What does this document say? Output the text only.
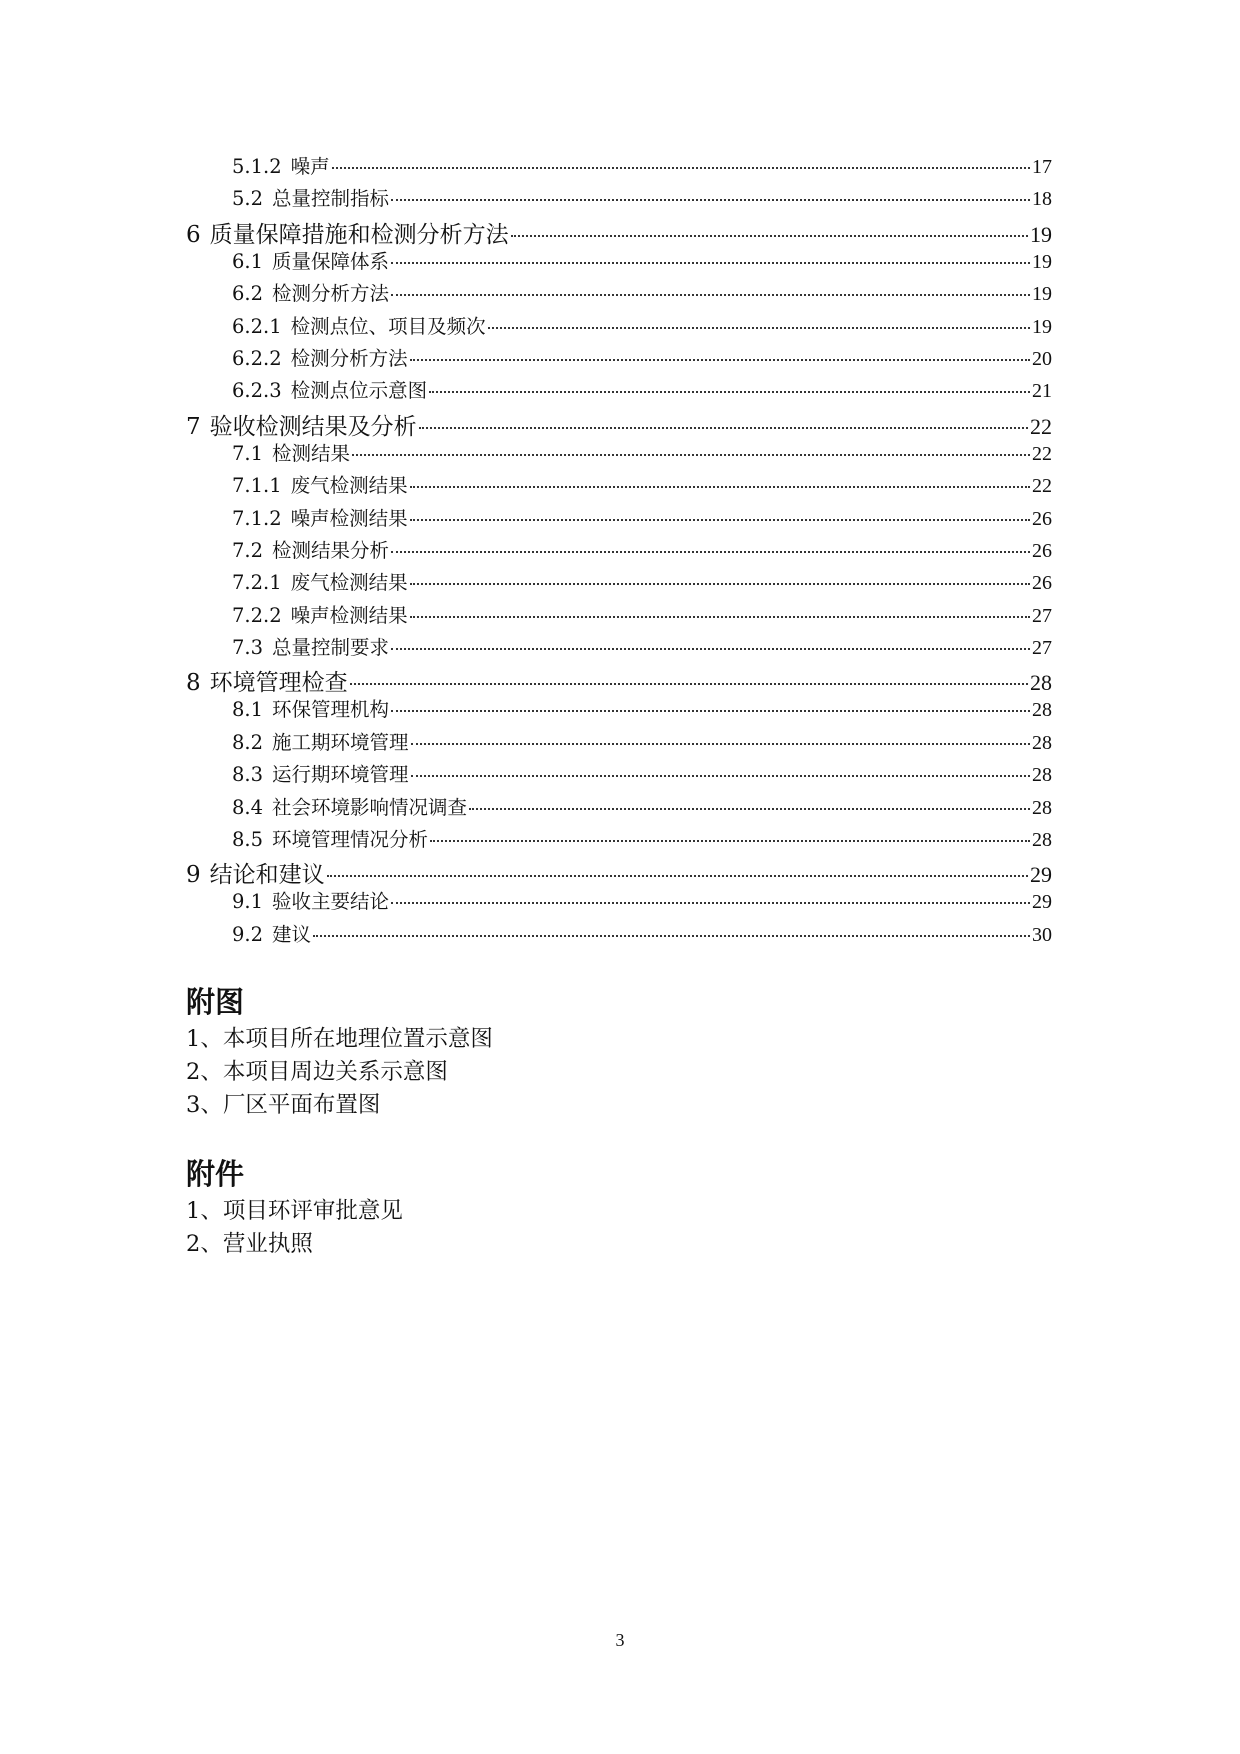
5.1.2 噪声	17
5.2 总量控制指标	18
6 质量保障措施和检测分析方法	19
6.1 质量保障体系	19
6.2 检测分析方法	19
6.2.1 检测点位、项目及频次	19
6.2.2 检测分析方法	20
6.2.3 检测点位示意图	21
7 验收检测结果及分析	22
7.1 检测结果	22
7.1.1 废气检测结果	22
7.1.2 噪声检测结果	26
7.2 检测结果分析	26
7.2.1 废气检测结果	26
7.2.2 噪声检测结果	27
7.3 总量控制要求	27
8 环境管理检查	28
8.1 环保管理机构	28
8.2 施工期环境管理	28
8.3 运行期环境管理	28
8.4 社会环境影响情况调查	28
8.5 环境管理情况分析	28
9 结论和建议	29
9.1 验收主要结论	29
9.2 建议	30
附图
1、本项目所在地理位置示意图
2、本项目周边关系示意图
3、厂区平面布置图
附件
1、项目环评审批意见
2、营业执照
3
